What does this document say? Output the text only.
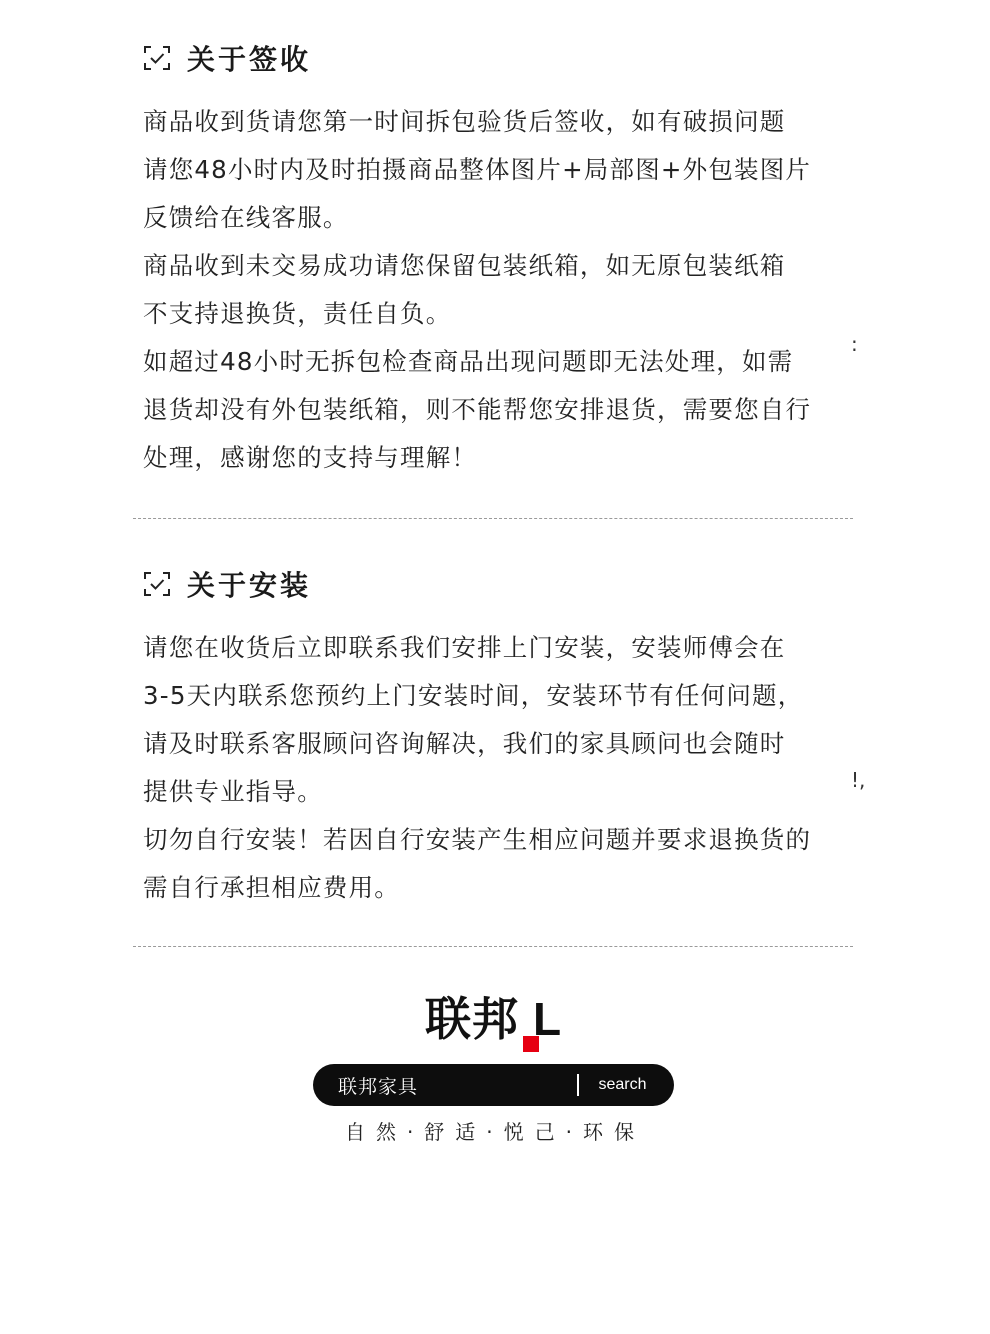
关于签收

商品收到货请您第一时间拆包验货后签收，如有破损问题
请您48小时内及时拍摄商品整体图片+局部图+外包装图片
反馈给在线客服。

商品收到未交易成功请您保留包装纸箱，如无原包装纸箱
不支持退换货，责任自负。

如超过48小时无拆包检查商品出现问题即无法处理，如需
退货却没有外包装纸箱，则不能帮您安排退货，需要您自行
处理，感谢您的支持与理解！

:
关于安装

请您在收货后立即联系我们安排上门安装，安装师傅会在
3-5天内联系您预约上门安装时间，安装环节有任何问题，
请及时联系客服顾问咨询解决，我们的家具顾问也会随时
提供专业指导。

切勿自行安装！若因自行安装产生相应问题并要求退换货的
需自行承担相应费用。

!,
联邦 L
联邦家具	search
自然·舒适·悦己·环保
